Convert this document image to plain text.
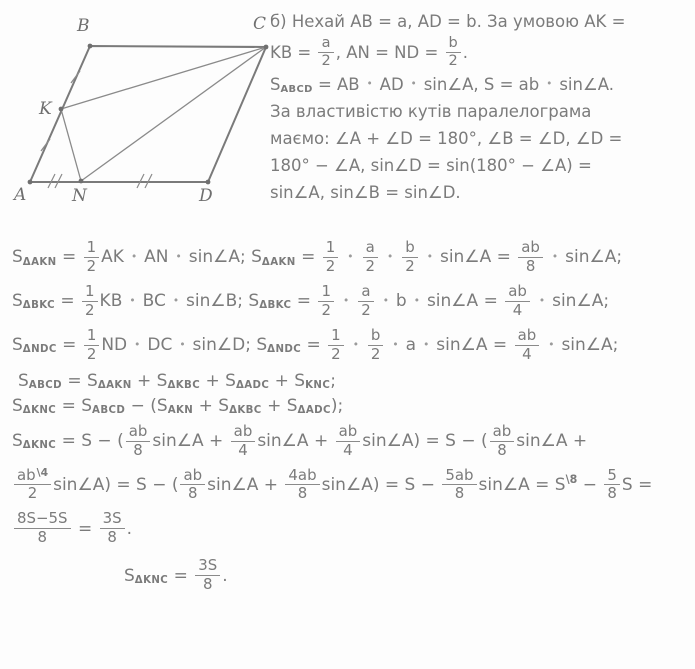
A
B	C
D
K
N
б) Нехай AB = a, AD = b. За умовою AK =
KB = $\frac{a}{2}$ , AN = ND = $\frac{b}{2}$ .
S ABCD = AB • AD • sin∠A, S = ab • sin∠A.
За властивістю кутів паралелограма
маємо: ∠A + ∠D = 180°, ∠B = ∠D, ∠D =
180° − ∠A, sin∠D = sin(180° − ∠A) =
sin∠A, sin∠B = sin∠D.
S $\Delta AKN = \frac{1}{2}$ AK • AN • sin∠A; S $\Delta AKN = \frac{1}{2}$ • $\frac{a}{2}$ • $\frac{b}{2}$ • sin∠A = $\frac{ab}{8}$ • sin∠A;
S $\Delta BKC = \frac{1}{2}$ KB • BC • sin∠B; S $\Delta BKC = \frac{1}{2}$ • $\frac{a}{2}$ • b • sin∠A = $\frac{ab}{4}$ • sin∠A;
S $\Delta NDC = \frac{1}{2}$ ND • DC • sin∠D; S $\Delta NDC = \frac{1}{2}$ • $\frac{b}{2}$ • a • sin∠A = $\frac{ab}{4}$ • sin∠A;
S ABCD = S ΔAKN + S ΔKBC + S ΔADC + S KNC ;
S ΔKNC = S ABCD − (S AKN + S ΔKBC + S ΔADC );
S ΔKNC = S − ( $\frac{ab}{8}$ sin∠A + $\frac{ab}{4}$ sin∠A + $\frac{ab}{4}$ sin∠A) = S − ( $\frac{ab}{8}$ sin∠A +
$\frac{ab^{\backslash 4}}{2}$ sin∠A) = S − ( $\frac{ab}{8}$ sin∠A + $\frac{4ab}{8}$ sin∠A) = $S - \frac{5ab}{8}$ sin∠A = S \8 − $\frac{5}{8}$ S =
$\frac{8S-5S}{8} = \frac{3S}{8}$ .
S $\Delta KNC = \frac{3S}{8}$ .
